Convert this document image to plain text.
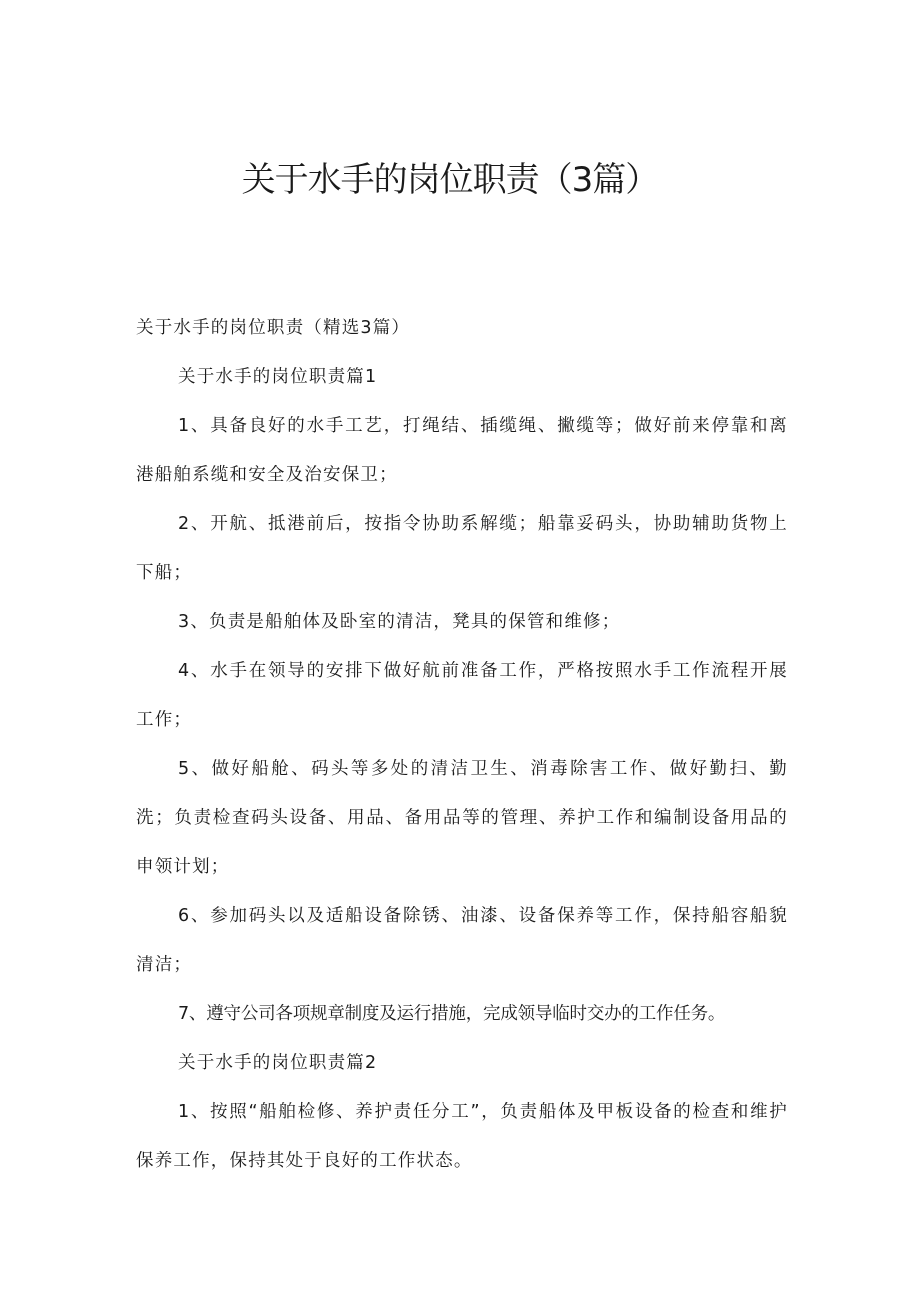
关于水手的岗位职责（3篇）

关于水手的岗位职责（精选3篇）

关于水手的岗位职责篇1

1、具备良好的水手工艺，打绳结、插缆绳、撇缆等；做好前来停靠和离港船舶系缆和安全及治安保卫；

2、开航、抵港前后，按指令协助系解缆；船靠妥码头，协助辅助货物上下船；

3、负责是船舶体及卧室的清洁，凳具的保管和维修；

4、水手在领导的安排下做好航前准备工作，严格按照水手工作流程开展工作；

5、做好船舱、码头等多处的清洁卫生、消毒除害工作、做好勤扫、勤洗；负责检查码头设备、用品、备用品等的管理、养护工作和编制设备用品的申领计划；

6、参加码头以及适船设备除锈、油漆、设备保养等工作，保持船容船貌清洁；

7、遵守公司各项规章制度及运行措施，完成领导临时交办的工作任务。

关于水手的岗位职责篇2

1、按照“船舶检修、养护责任分工”，负责船体及甲板设备的检查和维护保养工作，保持其处于良好的工作状态。
